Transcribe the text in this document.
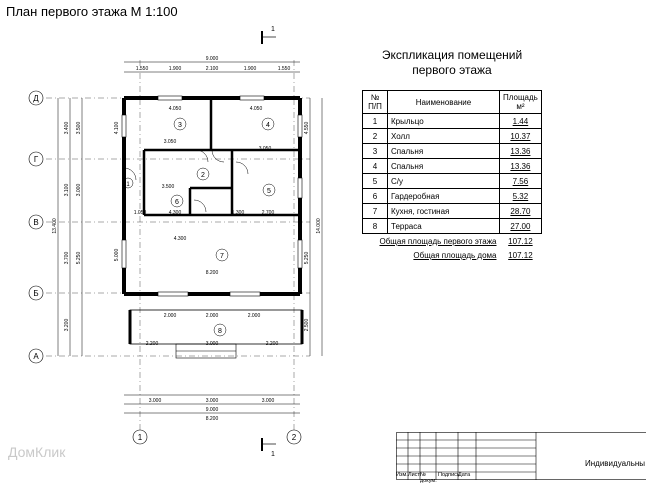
План первого этажа М 1:100
Д
Г
В
Б
А
1	2
1
1
3	4
2
6
5
7
8
1
9.000
1.550	1.900	2.100	1.900	1.550
3.000	3.000	3.000
9.000
8.200
4.050	4.050
3.050
3.050
3.500
4.300	2.700
4.300
8.200
2.000	2.000	2.000
2.200	3.000	2.200
1.300
1.050
13.400
3.400
3.100
3.700
3.200
3.500
3.000
5.250
14.000
4.550
5.250
2.500
4.100
5.000
Экспликация помещений
первого этажа
№ П/П	Наименование	Площадь м²
1	Крыльцо	1.44
2	Холл	10.37
3	Спальня	13.36
4	Спальня	13.36
5	С/у	7.56
6	Гардеробная	5.32
7	Кухня, гостиная	28.70
8	Терраса	27.00
Общая площадь первого этажа		107.12
Общая площадь дома		107.12
ДомКлик
Индивидуальны
Изм. Лист № докум.
Подпись
Дата
